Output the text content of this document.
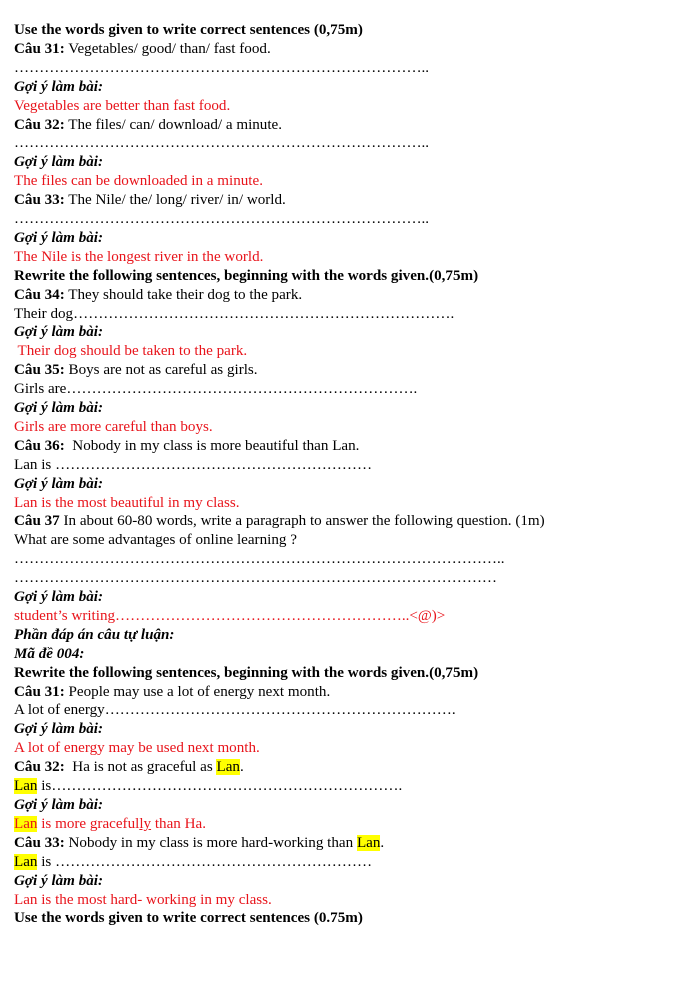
Use the words given to write correct sentences (0,75m)
Câu 31: Vegetables/ good/ than/ fast food.
………………………………………………………………………..
Gợi ý làm bài:
Vegetables are better than fast food.
Câu 32: The files/ can/ download/ a minute.
………………………………………………………………………..
Gợi ý làm bài:
The files can be downloaded in a minute.
Câu 33: The Nile/ the/ long/ river/ in/ world.
………………………………………………………………………..
Gợi ý làm bài:
The Nile is the longest river in the world.
Rewrite the following sentences, beginning with the words given.(0,75m)
Câu 34: They should take their dog to the park.
Their dog………………………………………………………………….
Gợi ý làm bài:
Their dog should be taken to the park.
Câu 35: Boys are not as careful as girls.
Girls are…………………………………………………………….
Gợi ý làm bài:
Girls are more careful than boys.
Câu 36:  Nobody in my class is more beautiful than Lan.
Lan is ………………………………………………………
Gợi ý làm bài:
Lan is the most beautiful in my class.
Câu 37 In about 60-80 words, write a paragraph to answer the following question. (1m)
What are some advantages of online learning ?
……………………………………………………………………………………..
……………………………………………………………………………………
Gợi ý làm bài:
student’s writing…………………………………………………..<@)>
Phần đáp án câu tự luận:
Mã đề 004:
Rewrite the following sentences, beginning with the words given.(0,75m)
Câu 31: People may use a lot of energy next month.
A lot of energy…………………………………………………………….
Gợi ý làm bài:
A lot of energy may be used next month.
Câu 32:  Ha is not as graceful as Lan.
Lan is…………………………………………………………….
Gợi ý làm bài:
Lan is more gracefully than Ha.
Câu 33: Nobody in my class is more hard-working than Lan.
Lan is ………………………………………………………
Gợi ý làm bài:
Lan is the most hard- working in my class.
Use the words given to write correct sentences (0.75m)
